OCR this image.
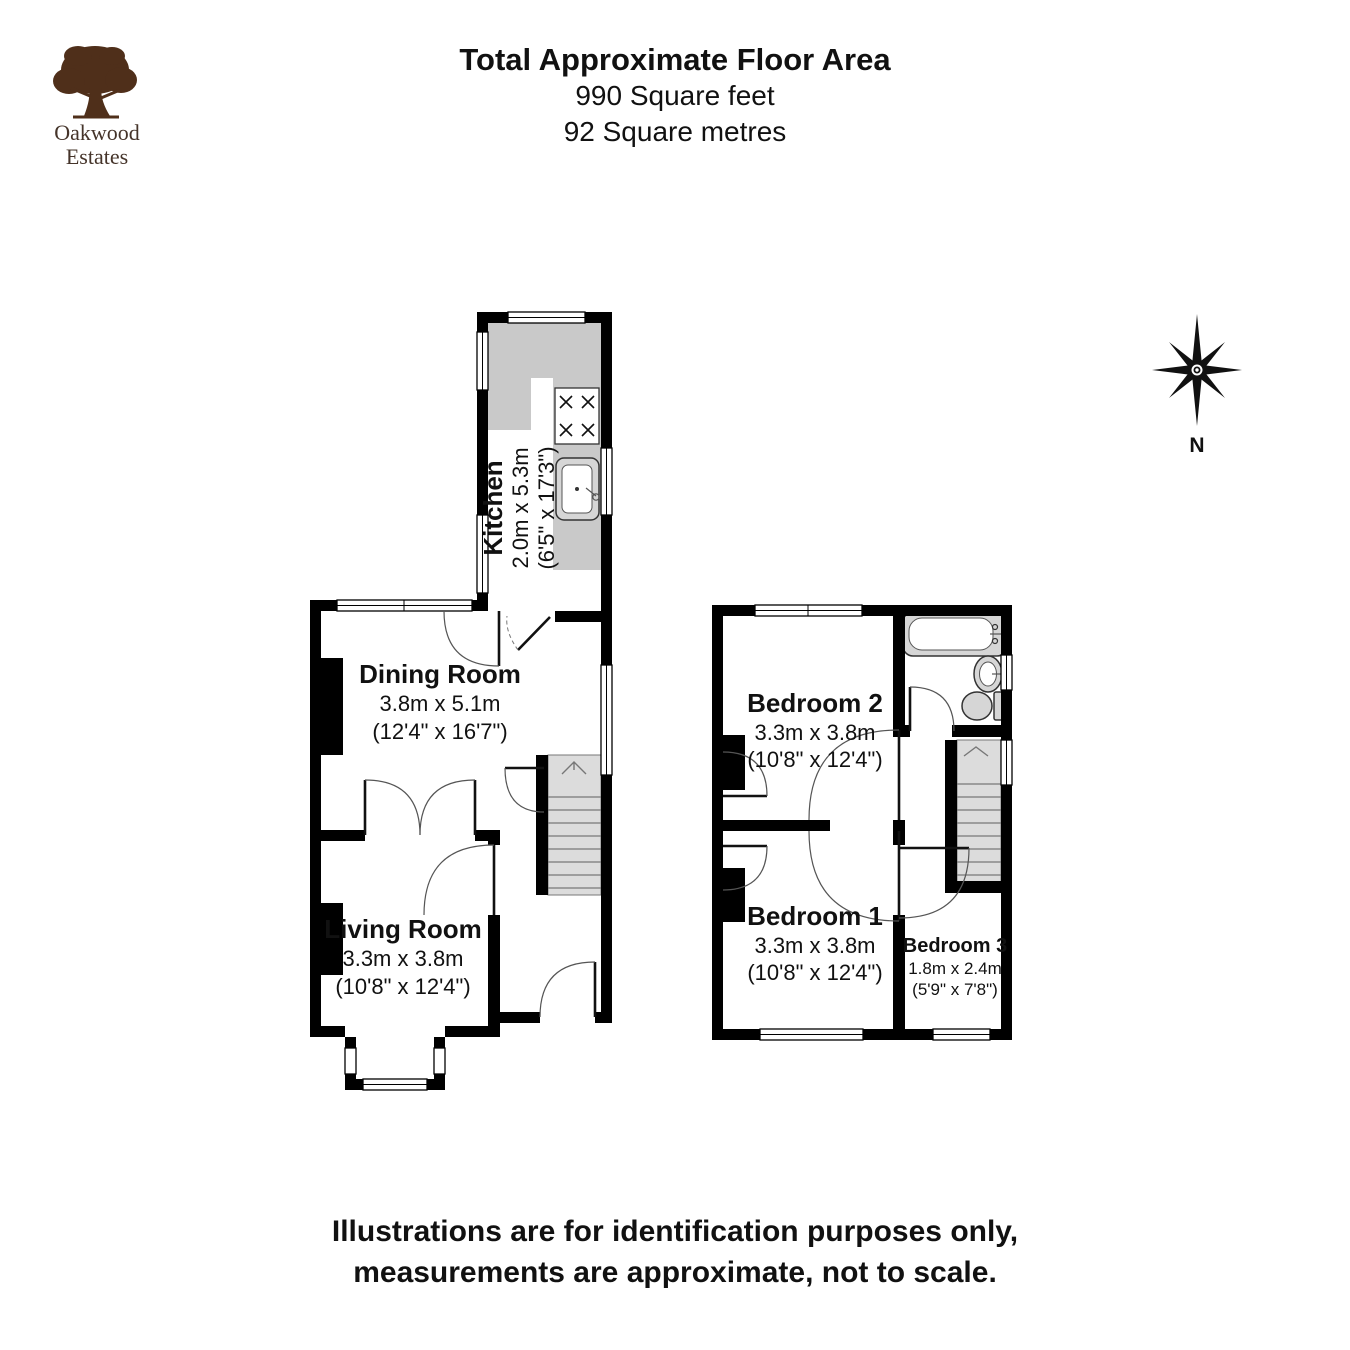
Total Approximate Floor Area
990 Square feet
92 Square metres
Oakwood
Estates
N
Kitchen 2.0m x 5.3m (6'5" x 17'3")
Dining Room
3.8m x 5.1m
(12'4" x 16'7")
Living Room
3.3m x 3.8m
(10'8" x 12'4")
Bedroom 2
3.3m x 3.8m
(10'8" x 12'4")
Bedroom 1
3.3m x 3.8m
(10'8" x 12'4")
Bedroom 3
1.8m x 2.4m
(5'9" x 7'8")
Illustrations are for identification purposes only,
measurements are approximate, not to scale.
